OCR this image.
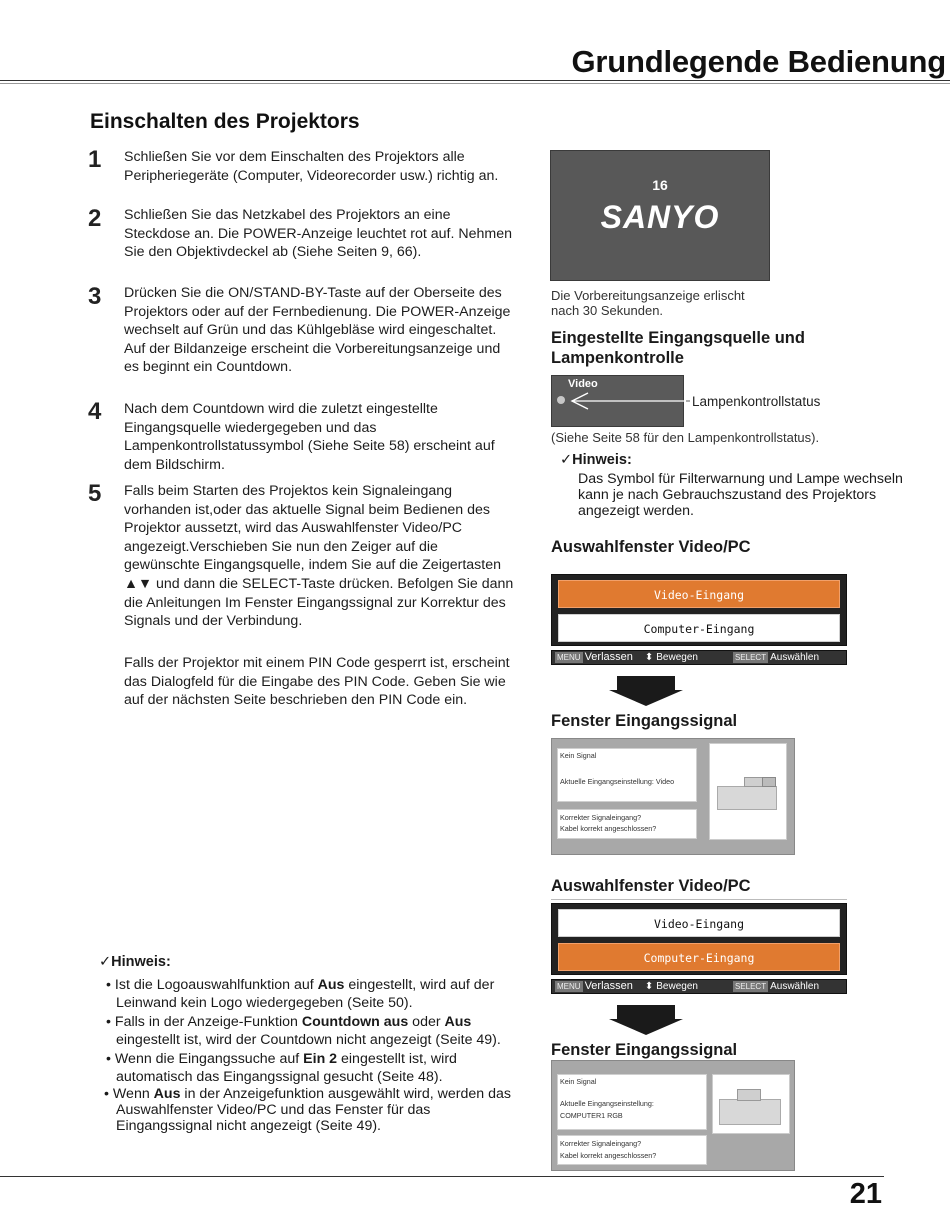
Grundlegende Bedienung
Einschalten des Projektors
1 Schließen Sie vor dem Einschalten des Projektors alle Peripheriegeräte (Computer, Videorecorder usw.) richtig an.
2 Schließen Sie das Netzkabel des Projektors an eine Steckdose an. Die POWER-Anzeige leuchtet rot auf. Nehmen Sie den Objektivdeckel ab (Siehe Seiten 9, 66).
3 Drücken Sie die ON/STAND-BY-Taste auf der Oberseite des Projektors oder auf der Fernbedienung. Die POWER-Anzeige wechselt auf Grün und das Kühlgebläse wird eingeschaltet. Auf der Bildanzeige erscheint die Vorbereitungsanzeige und es beginnt ein Countdown.
4 Nach dem Countdown wird die zuletzt eingestellte Eingangsquelle wiedergegeben und das Lampenkontrollstatussymbol (Siehe Seite 58) erscheint auf dem Bildschirm.
5 Falls beim Starten des Projektos kein Signaleingang vorhanden ist,oder das aktuelle Signal beim Bedienen des Projektor aussetzt, wird das Auswahlfenster Video/PC angezeigt.Verschieben Sie nun den Zeiger auf die gewünschte Eingangsquelle, indem Sie auf die Zeigertasten ▲▼ und dann die SELECT-Taste drücken. Befolgen Sie dann die Anleitungen Im Fenster Eingangssignal zur Korrektur des Signals und der Verbindung.
Falls der Projektor mit einem PIN Code gesperrt ist, erscheint das Dialogfeld für die Eingabe des PIN Code. Geben Sie wie auf der nächsten Seite beschrieben den PIN Code ein.
✓Hinweis:
• Ist die Logoauswahlfunktion auf Aus eingestellt, wird auf der Leinwand kein Logo wiedergegeben (Seite 50).
• Falls in der Anzeige-Funktion Countdown aus oder Aus eingestellt ist, wird der Countdown nicht angezeigt (Seite 49).
• Wenn die Eingangssuche auf Ein 2 eingestellt ist, wird automatisch das Eingangssignal gesucht (Seite 48).
• Wenn Aus in der Anzeigefunktion ausgewählt wird, werden das Auswahlfenster Video/PC und das Fenster für das Eingangssignal nicht angezeigt (Seite 49).
16
SANYO
Die Vorbereitungsanzeige erlischt
nach 30 Sekunden.
Eingestellte Eingangsquelle und
Lampenkontrolle
Video
Lampenkontrollstatus
(Siehe Seite 58 für den Lampenkontrollstatus).
✓Hinweis:
Das Symbol für Filterwarnung und Lampe wechseln kann je nach Gebrauchszustand des Projektors angezeigt werden.
Auswahlfenster Video/PC
Video-Eingang
Computer-Eingang
MENU Verlassen ⬍ Bewegen	SELECT Auswählen
Fenster Eingangssignal
Kein Signal
Aktuelle Eingangseinstellung: Video
Korrekter Signaleingang?
Kabel korrekt angeschlossen?
Auswahlfenster Video/PC
Video-Eingang
Computer-Eingang
MENU Verlassen ⬍ Bewegen	SELECT Auswählen
Fenster Eingangssignal
Kein Signal
Aktuelle Eingangseinstellung:
COMPUTER1 RGB
Korrekter Signaleingang?
Kabel korrekt angeschlossen?
21
